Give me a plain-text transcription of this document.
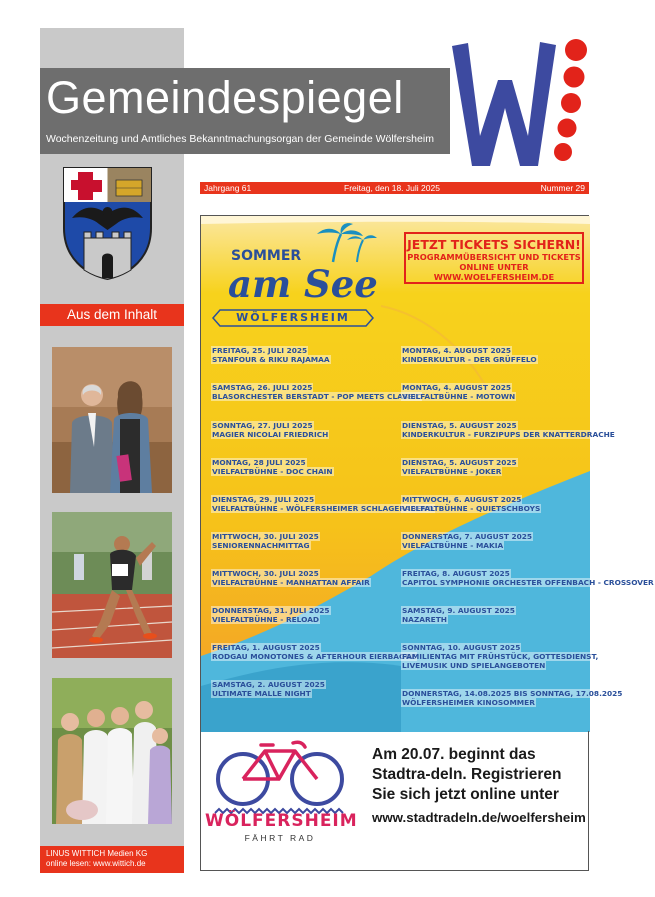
Gemeindespiegel
Wochenzeitung und Amtliches Bekanntmachungsorgan der Gemeinde Wölfersheim
Aus dem Inhalt
LINUS WITTICH Medien KG
online lesen: www.wittich.de
Jahrgang 61	Freitag, den 18. Juli 2025	Nummer 29
SOMMER
am See
WÖLFERSHEIM
JETZT TICKETS SICHERN!
PROGRAMMÜBERSICHT UND TICKETS
ONLINE UNTER WWW.WOELFERSHEIM.DE
FREITAG, 25. JULI 2025
STANFOUR & RIKU RAJAMAA
SAMSTAG, 26. JULI 2025
BLASORCHESTER BERSTADT - POP MEETS CLASSIC
SONNTAG, 27. JULI 2025
MAGIER NICOLAI FRIEDRICH
MONTAG, 28 JULI 2025
VIELFALTBÜHNE - DOC CHAIN
DIENSTAG, 29. JULI 2025
VIELFALTBÜHNE - WÖLFERSHEIMER SCHLAGERABEND
MITTWOCH, 30. JULI 2025
SENIORENNACHMITTAG
MITTWOCH, 30. JULI 2025
VIELFALTBÜHNE - MANHATTAN AFFAIR
DONNERSTAG, 31. JULI 2025
VIELFALTBÜHNE - RELOAD
FREITAG, 1. AUGUST 2025
RODGAU MONOTONES & AFTERHOUR EIERBAGGE
SAMSTAG, 2. AUGUST 2025
ULTIMATE MALLE NIGHT
MONTAG, 4. AUGUST 2025
KINDERKULTUR - DER GRÜFFELO
MONTAG, 4. AUGUST 2025
VIELFALTBÜHNE - MOTOWN
DIENSTAG, 5. AUGUST 2025
KINDERKULTUR - FURZIPUPS DER KNATTERDRACHE
DIENSTAG, 5. AUGUST 2025
VIELFALTBÜHNE - JOKER
MITTWOCH, 6. AUGUST 2025
VIELFALTBÜHNE - QUIETSCHBOYS
DONNERSTAG, 7. AUGUST 2025
VIELFALTBÜHNE - MAKIA
FREITAG, 8. AUGUST 2025
CAPITOL SYMPHONIE ORCHESTER OFFENBACH - CROSSOVER
SAMSTAG, 9. AUGUST 2025
NAZARETH
SONNTAG, 10. AUGUST 2025
FAMILIENTAG MIT FRÜHSTÜCK, GOTTESDIENST,
LIVEMUSIK UND SPIELANGEBOTEN
DONNERSTAG, 14.08.2025 BIS SONNTAG, 17.08.2025
WÖLFERSHEIMER KINOSOMMER
WÖLFERSHEIM
FÄHRT RAD
Am 20.07. beginnt das Stadtra-deln. Registrieren Sie sich jetzt online unter
www.stadtradeln.de/woelfersheim
